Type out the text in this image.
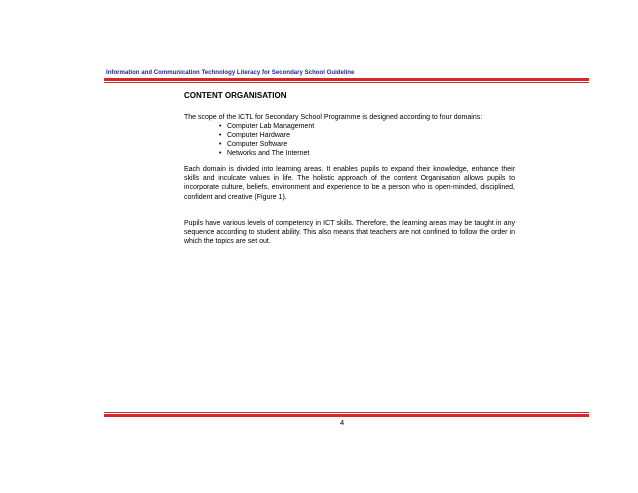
Information and Communication Technology Literacy for Secondary School Guideline
CONTENT ORGANISATION

The scope of the ICTL for Secondary School Programme is designed according to four domains:

• Computer Lab Management
• Computer Hardware
• Computer Software
• Networks and The Internet

Each domain is divided into learning areas. It enables pupils to expand their knowledge, enhance their skills and inculcate values in life. The holistic approach of the content Organisation allows pupils to incorporate culture, beliefs, environment and experience to be a person who is open-minded, disciplined, confident and creative (Figure 1).

Pupils have various levels of competency in ICT skills. Therefore, the learning areas may be taught in any sequence according to student ability. This also means that teachers are not confined to follow the order in which the topics are set out.

4
